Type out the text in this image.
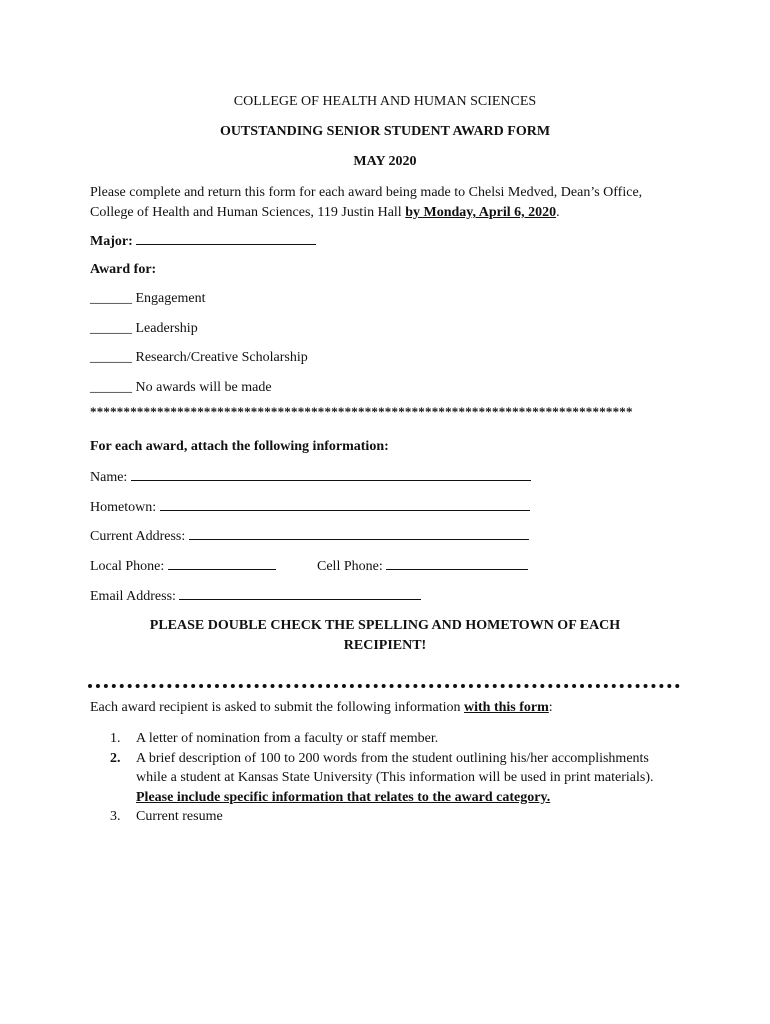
COLLEGE OF HEALTH AND HUMAN SCIENCES
OUTSTANDING SENIOR STUDENT AWARD FORM
MAY 2020
Please complete and return this form for each award being made to Chelsi Medved, Dean’s Office, College of Health and Human Sciences, 119 Justin Hall by Monday, April 6, 2020.
Major:
Award for:
______ Engagement
______ Leadership
______ Research/Creative Scholarship
______ No awards will be made
*********************************************************************************
For each award, attach the following information:
Name:
Hometown:
Current Address:
Local Phone:	Cell Phone:
Email Address:
PLEASE DOUBLE CHECK THE SPELLING AND HOMETOWN OF EACH RECIPIENT!
Each award recipient is asked to submit the following information with this form:
1. A letter of nomination from a faculty or staff member.
2. A brief description of 100 to 200 words from the student outlining his/her accomplishments while a student at Kansas State University (This information will be used in print materials). Please include specific information that relates to the award category.
3. Current resume
